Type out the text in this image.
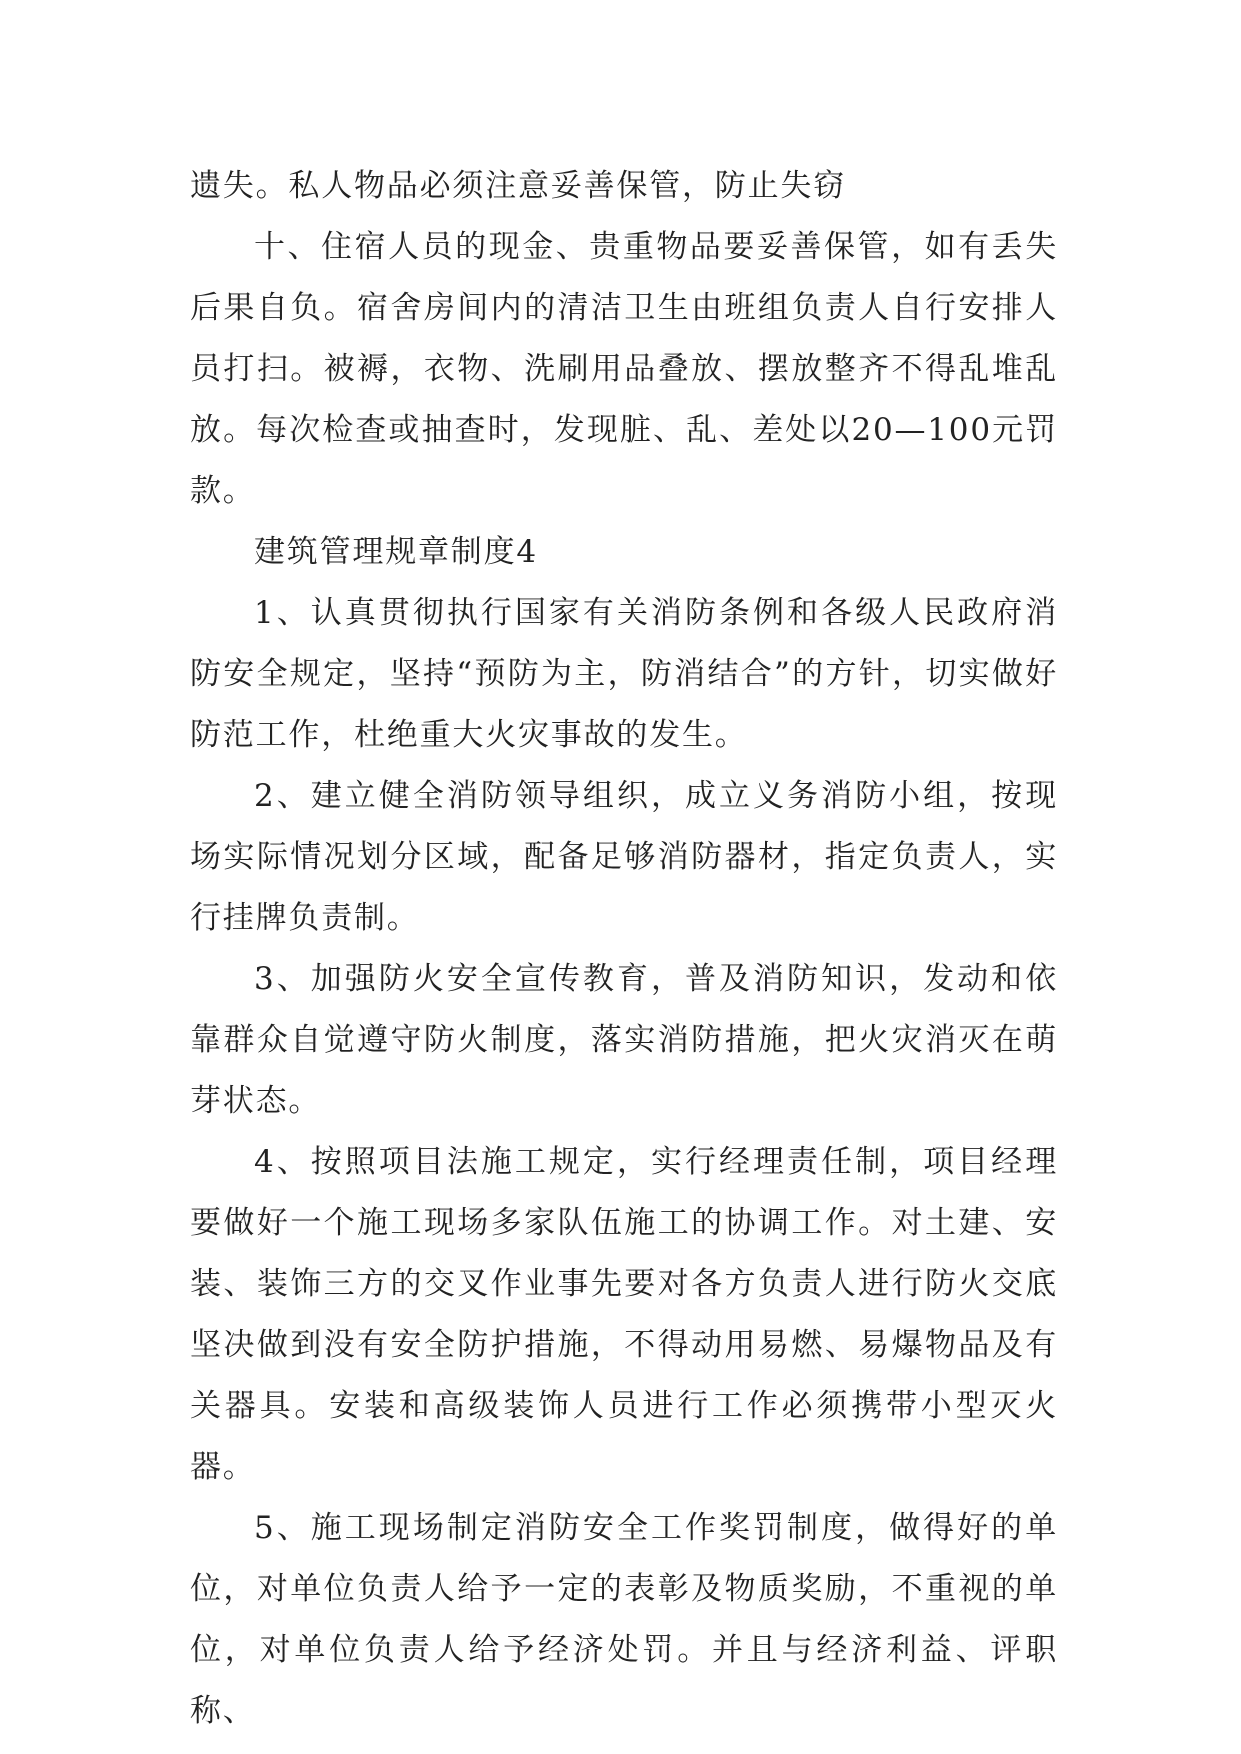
遗失。私人物品必须注意妥善保管，防止失窃

十、住宿人员的现金、贵重物品要妥善保管，如有丢失后果自负。宿舍房间内的清洁卫生由班组负责人自行安排人员打扫。被褥，衣物、洗刷用品叠放、摆放整齐不得乱堆乱放。每次检查或抽查时，发现脏、乱、差处以20—100元罚款。

建筑管理规章制度4

1、认真贯彻执行国家有关消防条例和各级人民政府消防安全规定，坚持“预防为主，防消结合”的方针，切实做好防范工作，杜绝重大火灾事故的发生。

2、建立健全消防领导组织，成立义务消防小组，按现场实际情况划分区域，配备足够消防器材，指定负责人，实行挂牌负责制。

3、加强防火安全宣传教育，普及消防知识，发动和依靠群众自觉遵守防火制度，落实消防措施，把火灾消灭在萌芽状态。

4、按照项目法施工规定，实行经理责任制，项目经理要做好一个施工现场多家队伍施工的协调工作。对土建、安装、装饰三方的交叉作业事先要对各方负责人进行防火交底坚决做到没有安全防护措施，不得动用易燃、易爆物品及有关器具。安装和高级装饰人员进行工作必须携带小型灭火器。

5、施工现场制定消防安全工作奖罚制度，做得好的单位，对单位负责人给予一定的表彰及物质奖励，不重视的单位，对单位负责人给予经济处罚。并且与经济利益、评职称、
